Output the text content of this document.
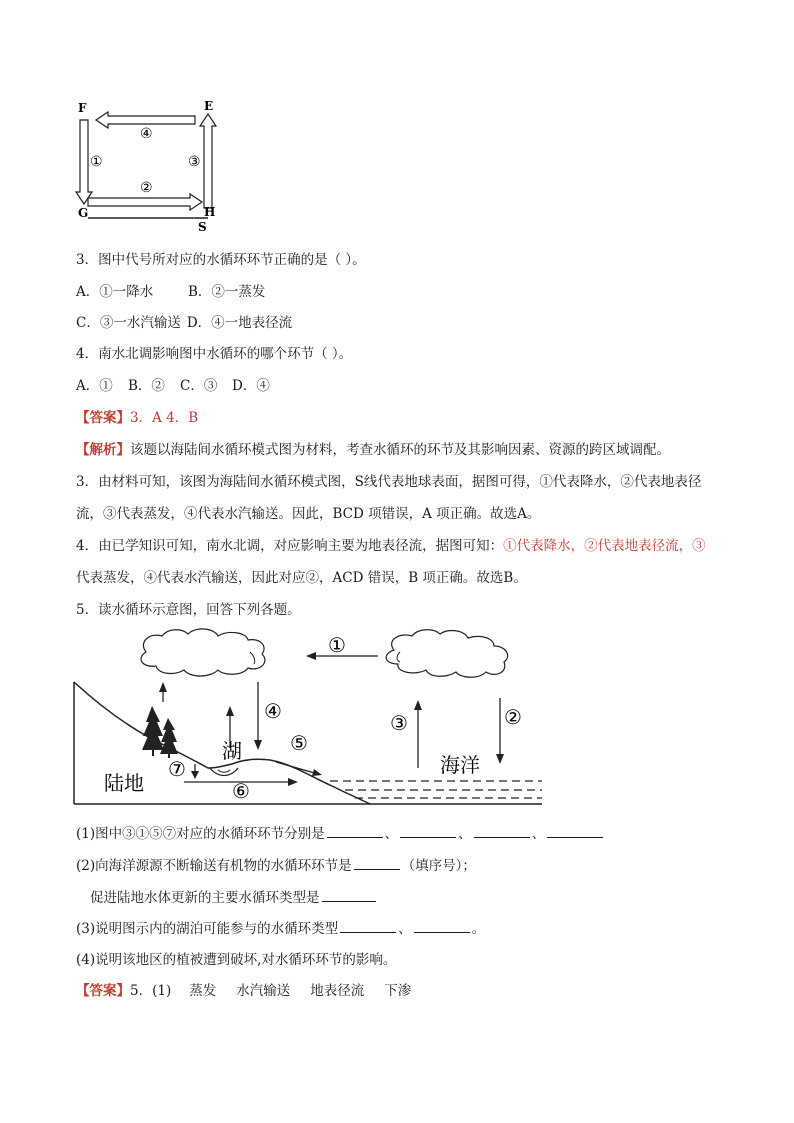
F	E
G	H
S
④
①
②
③
3．图中代号所对应的水循环环节正确的是（ ）。
A．①一降水	B．②一蒸发
C．③一水汽输送 D．④一地表径流
4．南水北调影响图中水循环的哪个环节（ ）。
A．① B．② C．③ D．④
【答案】3．A 4．B
【解析】该题以海陆间水循环模式图为材料，考查水循环的环节及其影响因素、资源的跨区域调配。
3．由材料可知，该图为海陆间水循环模式图，S线代表地球表面，据图可得，①代表降水，②代表地表径
流，③代表蒸发，④代表水汽输送。因此，BCD 项错误，A 项正确。故选A。
4．由已学知识可知，南水北调，对应影响主要为地表径流，据图可知：①代表降水，②代表地表径流，③
代表蒸发，④代表水汽输送，因此对应②，ACD 错误，B 项正确。故选B。
5．读水循环示意图，回答下列各题。
①
②
③
④
⑤
⑥
⑦
湖
陆地
海洋
(1)图中③①⑤⑦对应的水循环环节分别是	、	、	、
(2)向海洋源源不断输送有机物的水循环环节是	（填序号）；
促进陆地水体更新的主要水循环类型是
(3)说明图示内的湖泊可能参与的水循环类型	、	。
(4)说明该地区的植被遭到破坏,对水循环环节的影响。
【答案】5．(1) 蒸发 水汽输送 地表径流 下渗
